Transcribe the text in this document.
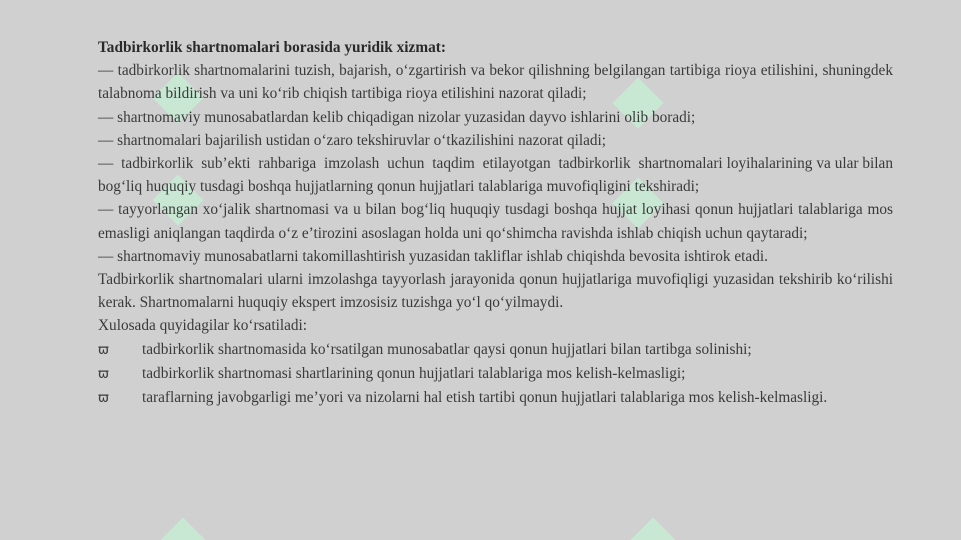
Tadbirkorlik shartnomalari borasida yuridik xizmat:

— tadbirkorlik shartnomalarini tuzish, bajarish, o‘zgartirish va bekor qilishning belgilangan tartibiga rioya etilishini, shuningdek talabnoma bildirish va uni ko‘rib chiqish tartibiga rioya etilishini nazorat qiladi;

— shartnomaviy munosabatlardan kelib chiqadigan nizolar yuzasidan dayvo ishlarini olib boradi;

— shartnomalari bajarilish ustidan o‘zaro tekshiruvlar o‘tkazilishini nazorat qiladi;

—  tadbirkorlik  sub’ekti  rahbariga  imzolash  uchun  taqdim  etilayotgan  tadbirkorlik  shartnomalari loyihalarining va ular bilan bog‘liq huquqiy tusdagi boshqa hujjatlarning qonun hujjatlari talablariga muvofiqligini tekshiradi;

— tayyorlangan xo‘jalik shartnomasi va u bilan bog‘liq huquqiy tusdagi boshqa hujjat loyihasi qonun hujjatlari talablariga mos emasligi aniqlangan taqdirda o‘z e’tirozini asoslagan holda uni qo‘shimcha ravishda ishlab chiqish uchun qaytaradi;

— shartnomaviy munosabatlarni takomillashtirish yuzasidan takliflar ishlab chiqishda bevosita ishtirok etadi.

Tadbirkorlik shartnomalari ularni imzolashga tayyorlash jarayonida qonun hujjatlariga muvofiqligi yuzasidan tekshirib ko‘rilishi kerak. Shartnomalarni huquqiy ekspert imzosisiz tuzishga yo‘l qo‘yilmaydi.

Xulosada quyidagilar ko‘rsatiladi:

ϖ tadbirkorlik shartnomasida ko‘rsatilgan munosabatlar qaysi qonun hujjatlari bilan tartibga solinishi;

ϖ tadbirkorlik shartnomasi shartlarining qonun hujjatlari talablariga mos kelish-kelmasligi;

ϖ taraflarning javobgarligi me’yori va nizolarni hal etish tartibi qonun hujjatlari talablariga mos kelish-kelmasligi.
